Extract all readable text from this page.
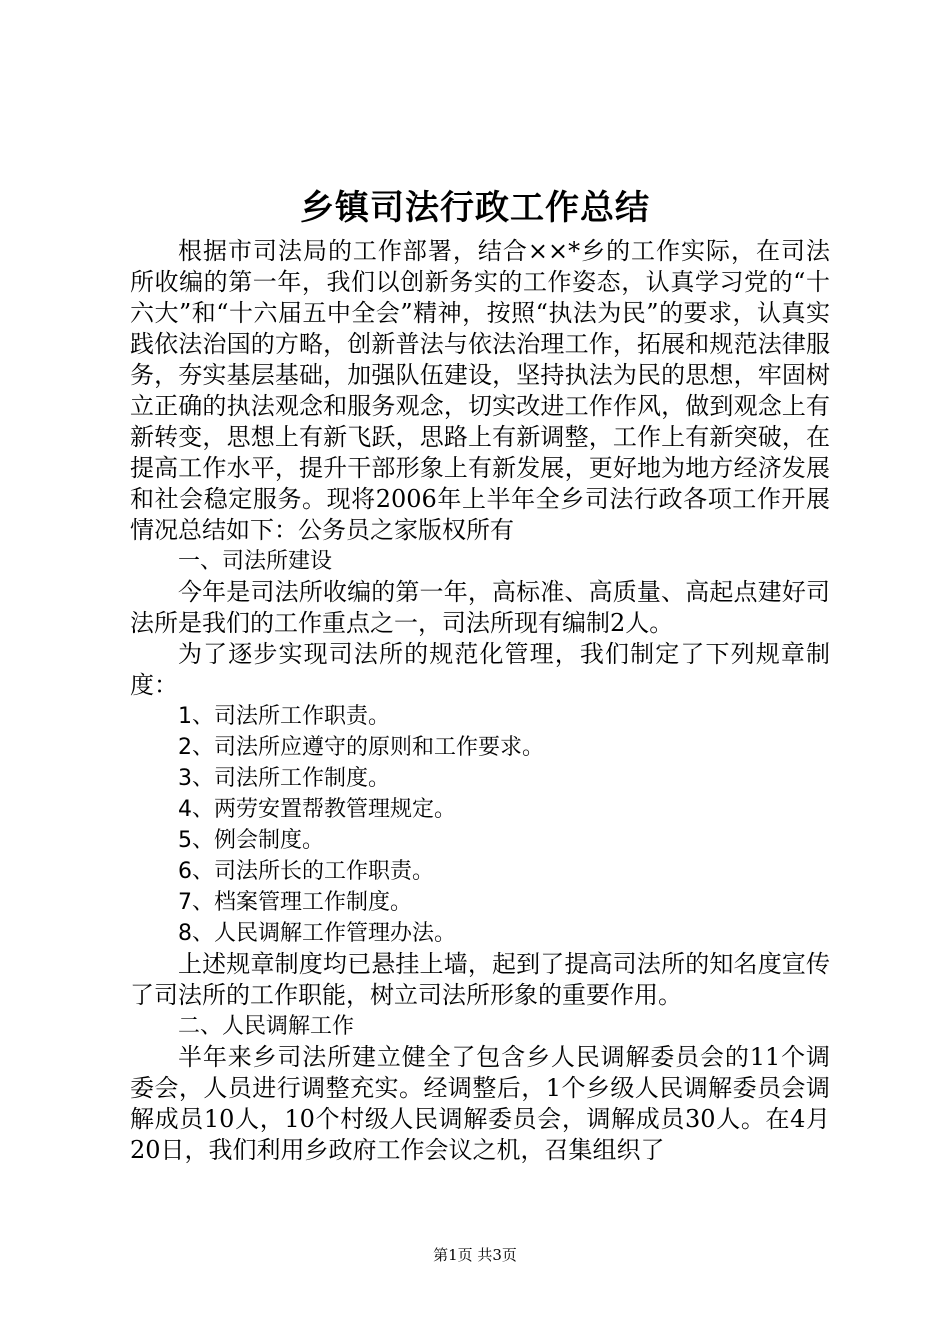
乡镇司法行政工作总结

根据市司法局的工作部署，结合××*乡的工作实际，在司法所收编的第一年，我们以创新务实的工作姿态，认真学习党的“十六大”和“十六届五中全会”精神，按照“执法为民”的要求，认真实践依法治国的方略，创新普法与依法治理工作，拓展和规范法律服务，夯实基层基础，加强队伍建设，坚持执法为民的思想，牢固树立正确的执法观念和服务观念，切实改进工作作风，做到观念上有新转变，思想上有新飞跃，思路上有新调整，工作上有新突破，在提高工作水平，提升干部形象上有新发展，更好地为地方经济发展和社会稳定服务。现将2006年上半年全乡司法行政各项工作开展情况总结如下：公务员之家版权所有

一、司法所建设

今年是司法所收编的第一年，高标准、高质量、高起点建好司法所是我们的工作重点之一，司法所现有编制2人。

为了逐步实现司法所的规范化管理，我们制定了下列规章制度：

1、司法所工作职责。

2、司法所应遵守的原则和工作要求。

3、司法所工作制度。

4、两劳安置帮教管理规定。

5、例会制度。

6、司法所长的工作职责。

7、档案管理工作制度。

8、人民调解工作管理办法。

上述规章制度均已悬挂上墙，起到了提高司法所的知名度宣传了司法所的工作职能，树立司法所形象的重要作用。

二、人民调解工作

半年来乡司法所建立健全了包含乡人民调解委员会的11个调委会，人员进行调整充实。经调整后，1个乡级人民调解委员会调解成员10人，10个村级人民调解委员会，调解成员30人。在4月20日，我们利用乡政府工作会议之机，召集组织了

第1页 共3页
